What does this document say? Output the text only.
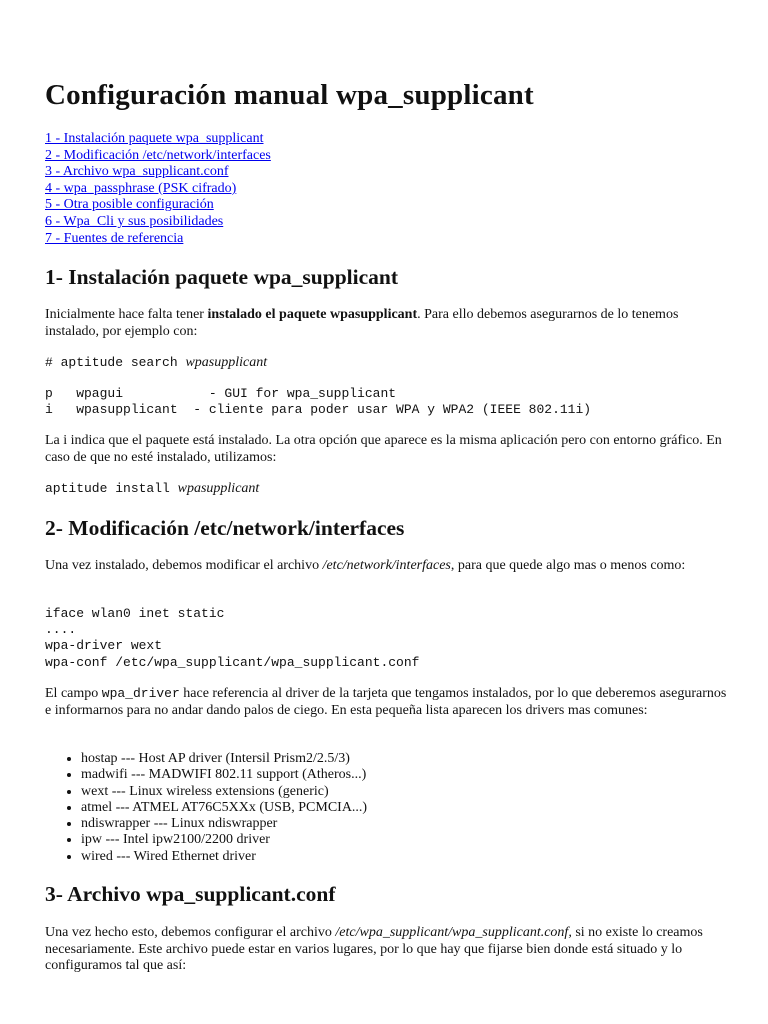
Configuración manual wpa_supplicant
1 - Instalación paquete wpa_supplicant
2 - Modificación /etc/network/interfaces
3 - Archivo wpa_supplicant.conf
4 - wpa_passphrase (PSK cifrado)
5 - Otra posible configuración
6 - Wpa_Cli y sus posibilidades
7 - Fuentes de referencia
1- Instalación paquete wpa_supplicant

Inicialmente hace falta tener instalado el paquete wpasupplicant. Para ello debemos asegurarnos de lo tenemos instalado, por ejemplo con:

# aptitude search wpasupplicant
p   wpagui           - GUI for wpa_supplicant
i   wpasupplicant  - cliente para poder usar WPA y WPA2 (IEEE 802.11i)

La i indica que el paquete está instalado. La otra opción que aparece es la misma aplicación pero con entorno gráfico. En caso de que no esté instalado, utilizamos:

aptitude install wpasupplicant
2- Modificación /etc/network/interfaces

Una vez instalado, debemos modificar el archivo /etc/network/interfaces, para que quede algo mas o menos como:

iface wlan0 inet static
....
wpa-driver wext
wpa-conf /etc/wpa_supplicant/wpa_supplicant.conf

El campo wpa_driver hace referencia al driver de la tarjeta que tengamos instalados, por lo que deberemos asegurarnos e informarnos para no andar dando palos de ciego. En esta pequeña lista aparecen los drivers mas comunes:

• hostap --- Host AP driver (Intersil Prism2/2.5/3)
• madwifi --- MADWIFI 802.11 support (Atheros...)
• wext --- Linux wireless extensions (generic)
• atmel --- ATMEL AT76C5XXx (USB, PCMCIA...)
• ndiswrapper --- Linux ndiswrapper
• ipw --- Intel ipw2100/2200 driver
• wired --- Wired Ethernet driver
3- Archivo wpa_supplicant.conf

Una vez hecho esto, debemos configurar el archivo /etc/wpa_supplicant/wpa_supplicant.conf, si no existe lo creamos necesariamente. Este archivo puede estar en varios lugares, por lo que hay que fijarse bien donde está situado y lo configuramos tal que así:
